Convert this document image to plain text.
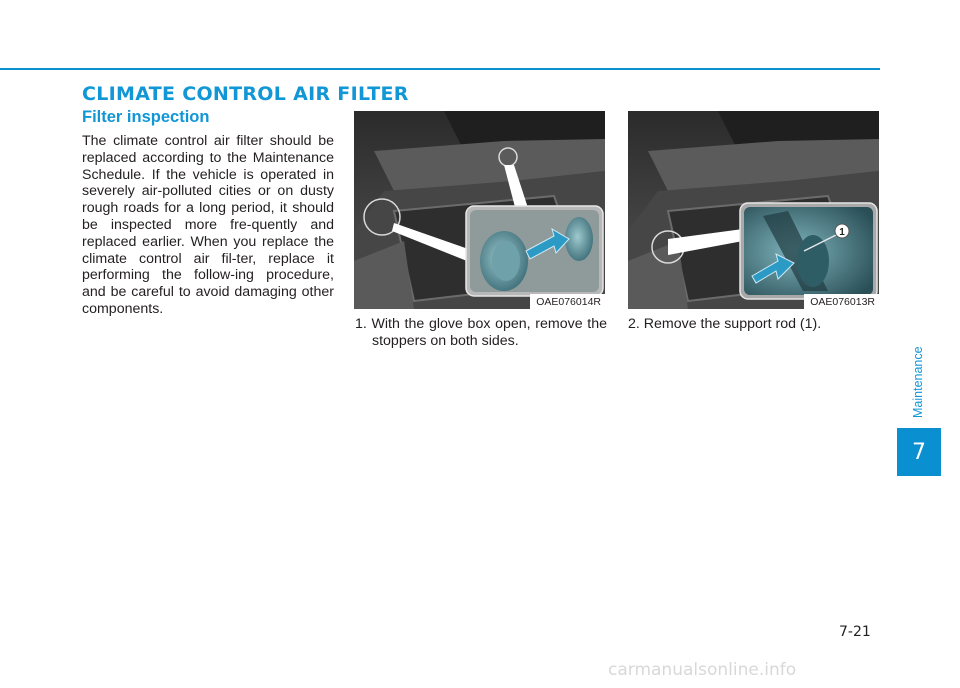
CLIMATE CONTROL AIR FILTER
Filter inspection
The climate control air filter should be replaced according to the Maintenance Schedule. If the vehicle is operated in severely air-polluted cities or on dusty rough roads for a long period, it should be inspected more fre-quently and replaced earlier. When you replace the climate control air fil-ter, replace it performing the follow-ing procedure, and be careful to avoid damaging other components.	OAE076014R
1
OAE076013R
1. With the glove box open, remove the stoppers on both sides.
2. Remove the support rod (1).
Maintenance
7
7-21
carmanualsonline.info
